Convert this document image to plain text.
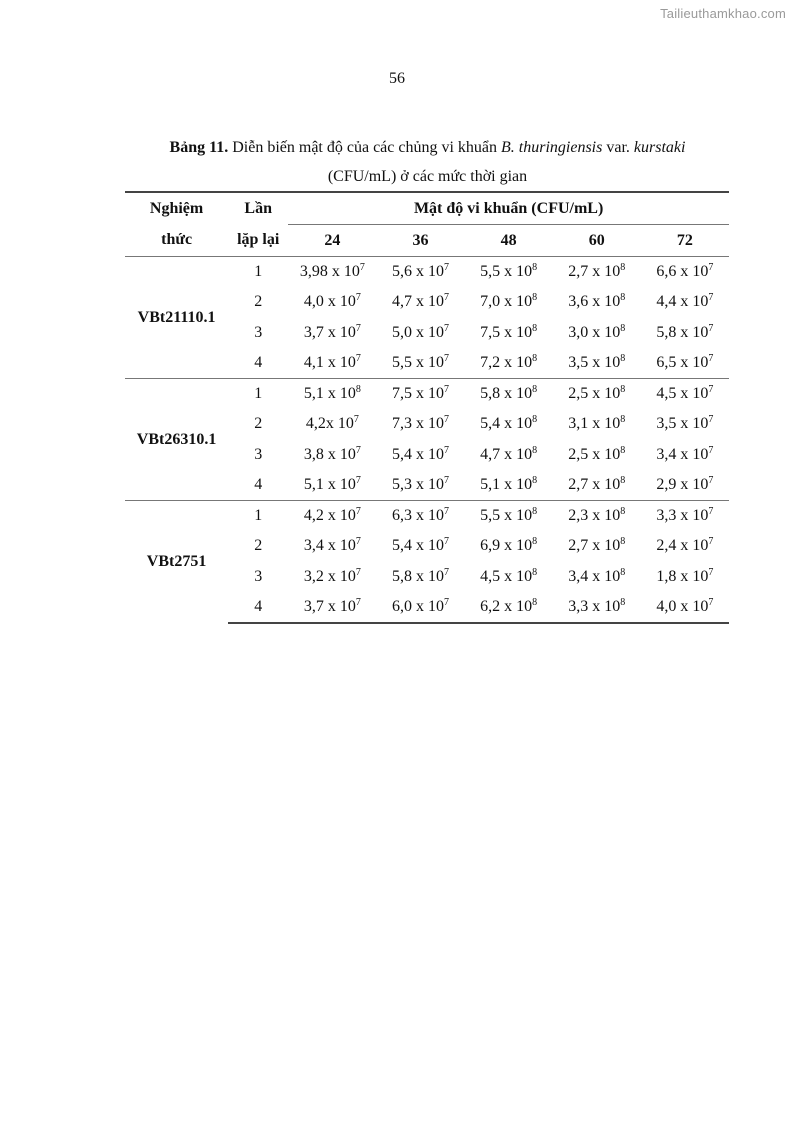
Tailieuthamkhao.com
56
Bảng 11. Diễn biến mật độ của các chủng vi khuẩn B. thuringiensis var. kurstaki
(CFU/mL) ở các mức thời gian
Nghiệm	Lần	Mật độ vi khuẩn (CFU/mL)				
thức	lặp lại	24	36	48	60	72
VBt21110.1	1	3,98 x $10^7$	5,6 x $10^7$	5,5 x $10^8$	2,7 x $10^8$	6,6 x $10^7$
	2	4,0 x $10^7$	4,7 x $10^7$	7,0 x $10^8$	3,6 x $10^8$	4,4 x $10^7$
	3	3,7 x $10^7$	5,0 x $10^7$	7,5 x $10^8$	3,0 x $10^8$	5,8 x $10^7$
	4	4,1 x $10^7$	5,5 x $10^7$	7,2 x $10^8$	3,5 x $10^8$	6,5 x $10^7$
VBt26310.1	1	5,1 x $10^8$	7,5 x $10^7$	5,8 x $10^8$	2,5 x $10^8$	4,5 x $10^7$
	2	4,2x $10^7$	7,3 x $10^7$	5,4 x $10^8$	3,1 x $10^8$	3,5 x $10^7$
	3	3,8 x $10^7$	5,4 x $10^7$	4,7 x $10^8$	2,5 x $10^8$	3,4 x $10^7$
	4	5,1 x $10^7$	5,3 x $10^7$	5,1 x $10^8$	2,7 x $10^8$	2,9 x $10^7$
VBt2751	1	4,2 x $10^7$	6,3 x $10^7$	5,5 x $10^8$	2,3 x $10^8$	3,3 x $10^7$
	2	3,4 x $10^7$	5,4 x $10^7$	6,9 x $10^8$	2,7 x $10^8$	2,4 x $10^7$
	3	3,2 x $10^7$	5,8 x $10^7$	4,5 x $10^8$	3,4 x $10^8$	1,8 x $10^7$
	4	3,7 x $10^7$	6,0 x $10^7$	6,2 x $10^8$	3,3 x $10^8$	4,0 x $10^7$
